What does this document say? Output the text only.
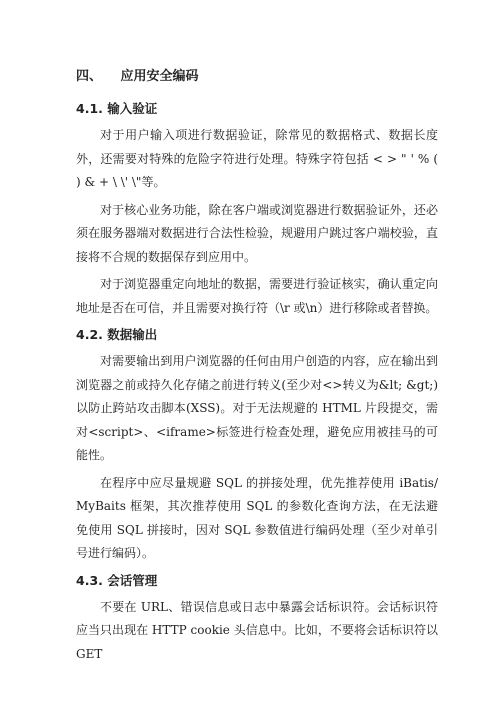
四、 应用安全编码
4.1. 输入验证

对于用户输入项进行数据验证，除常见的数据格式、数据长度外，还需要对特殊的危险字符进行处理。特殊字符包括 < > " ' % ( ) & + \ \' \"等。

对于核心业务功能，除在客户端或浏览器进行数据验证外，还必须在服务器端对数据进行合法性检验，规避用户跳过客户端校验，直接将不合规的数据保存到应用中。

对于浏览器重定向地址的数据，需要进行验证核实，确认重定向地址是否在可信，并且需要对换行符（\r 或\n）进行移除或者替换。

4.2. 数据输出

对需要输出到用户浏览器的任何由用户创造的内容，应在输出到浏览器之前或持久化存储之前进行转义(至少对<>转义为&lt; &gt;)以防止跨站攻击脚本(XSS)。对于无法规避的 HTML 片段提交，需对<script>、<iframe>标签进行检查处理，避免应用被挂马的可能性。

在程序中应尽量规避 SQL 的拼接处理，优先推荐使用 iBatis/MyBaits 框架，其次推荐使用 SQL 的参数化查询方法，在无法避免使用 SQL 拼接时，因对 SQL 参数值进行编码处理（至少对单引号进行编码）。

4.3. 会话管理

不要在 URL、错误信息或日志中暴露会话标识符。会话标识符应当只出现在 HTTP cookie 头信息中。比如，不要将会话标识符以 GET
